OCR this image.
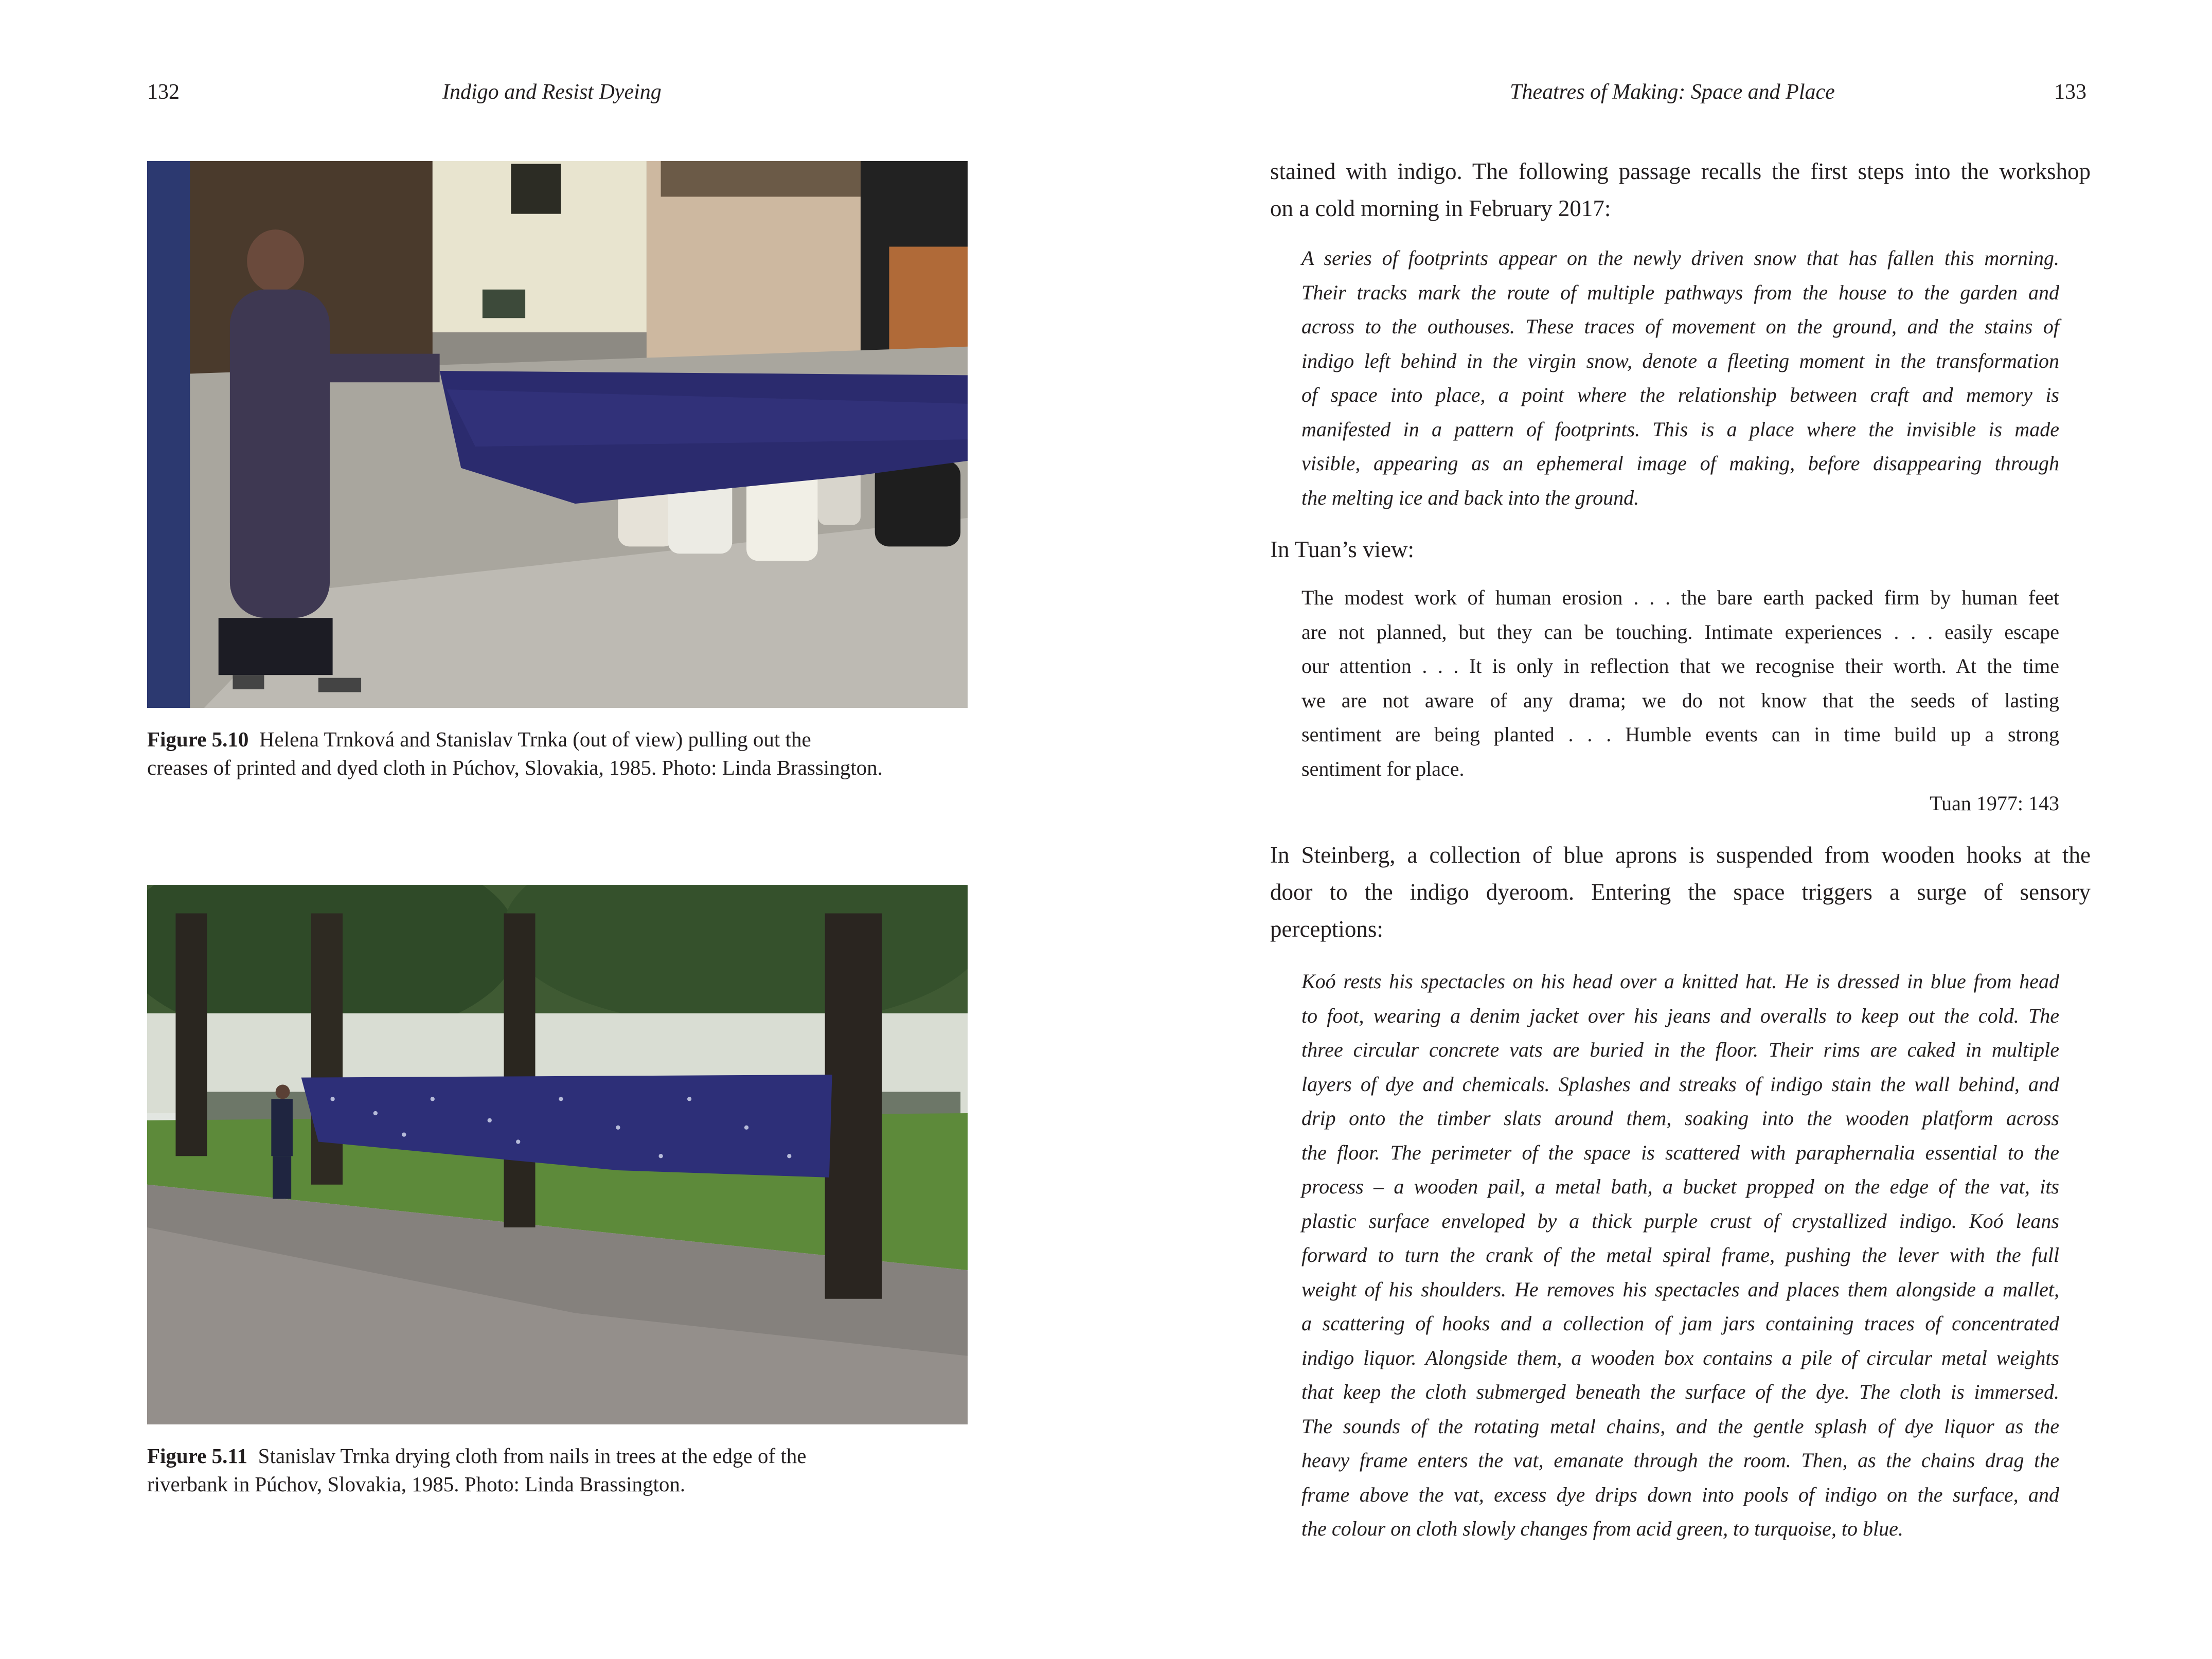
132	Indigo and Resist Dyeing
Figure 5.10 Helena Trnková and Stanislav Trnka (out of view) pulling out the
creases of printed and dyed cloth in Púchov, Slovakia, 1985. Photo: Linda Brassington.
Figure 5.11 Stanislav Trnka drying cloth from nails in trees at the edge of the
riverbank in Púchov, Slovakia, 1985. Photo: Linda Brassington.
Theatres of Making: Space and Place	133
stained with indigo. The following passage recalls the first steps into the workshop
on a cold morning in February 2017:
A series of footprints appear on the newly driven snow that has fallen this morning.
Their tracks mark the route of multiple pathways from the house to the garden and
across to the outhouses. These traces of movement on the ground, and the stains of
indigo left behind in the virgin snow, denote a fleeting moment in the transformation
of space into place, a point where the relationship between craft and memory is
manifested in a pattern of footprints. This is a place where the invisible is made
visible, appearing as an ephemeral image of making, before disappearing through
the melting ice and back into the ground.
In Tuan’s view:
The modest work of human erosion . . . the bare earth packed firm by human feet
are not planned, but they can be touching. Intimate experiences . . . easily escape
our attention . . . It is only in reflection that we recognise their worth. At the time
we are not aware of any drama; we do not know that the seeds of lasting
sentiment are being planted . . . Humble events can in time build up a strong
sentiment for place.
Tuan 1977: 143
In Steinberg, a collection of blue aprons is suspended from wooden hooks at the
door to the indigo dyeroom. Entering the space triggers a surge of sensory
perceptions:
Koó rests his spectacles on his head over a knitted hat. He is dressed in blue from head
to foot, wearing a denim jacket over his jeans and overalls to keep out the cold. The
three circular concrete vats are buried in the floor. Their rims are caked in multiple
layers of dye and chemicals. Splashes and streaks of indigo stain the wall behind, and
drip onto the timber slats around them, soaking into the wooden platform across
the floor. The perimeter of the space is scattered with paraphernalia essential to the
process – a wooden pail, a metal bath, a bucket propped on the edge of the vat, its
plastic surface enveloped by a thick purple crust of crystallized indigo. Koó leans
forward to turn the crank of the metal spiral frame, pushing the lever with the full
weight of his shoulders. He removes his spectacles and places them alongside a mallet,
a scattering of hooks and a collection of jam jars containing traces of concentrated
indigo liquor. Alongside them, a wooden box contains a pile of circular metal weights
that keep the cloth submerged beneath the surface of the dye. The cloth is immersed.
The sounds of the rotating metal chains, and the gentle splash of dye liquor as the
heavy frame enters the vat, emanate through the room. Then, as the chains drag the
frame above the vat, excess dye drips down into pools of indigo on the surface, and
the colour on cloth slowly changes from acid green, to turquoise, to blue.
